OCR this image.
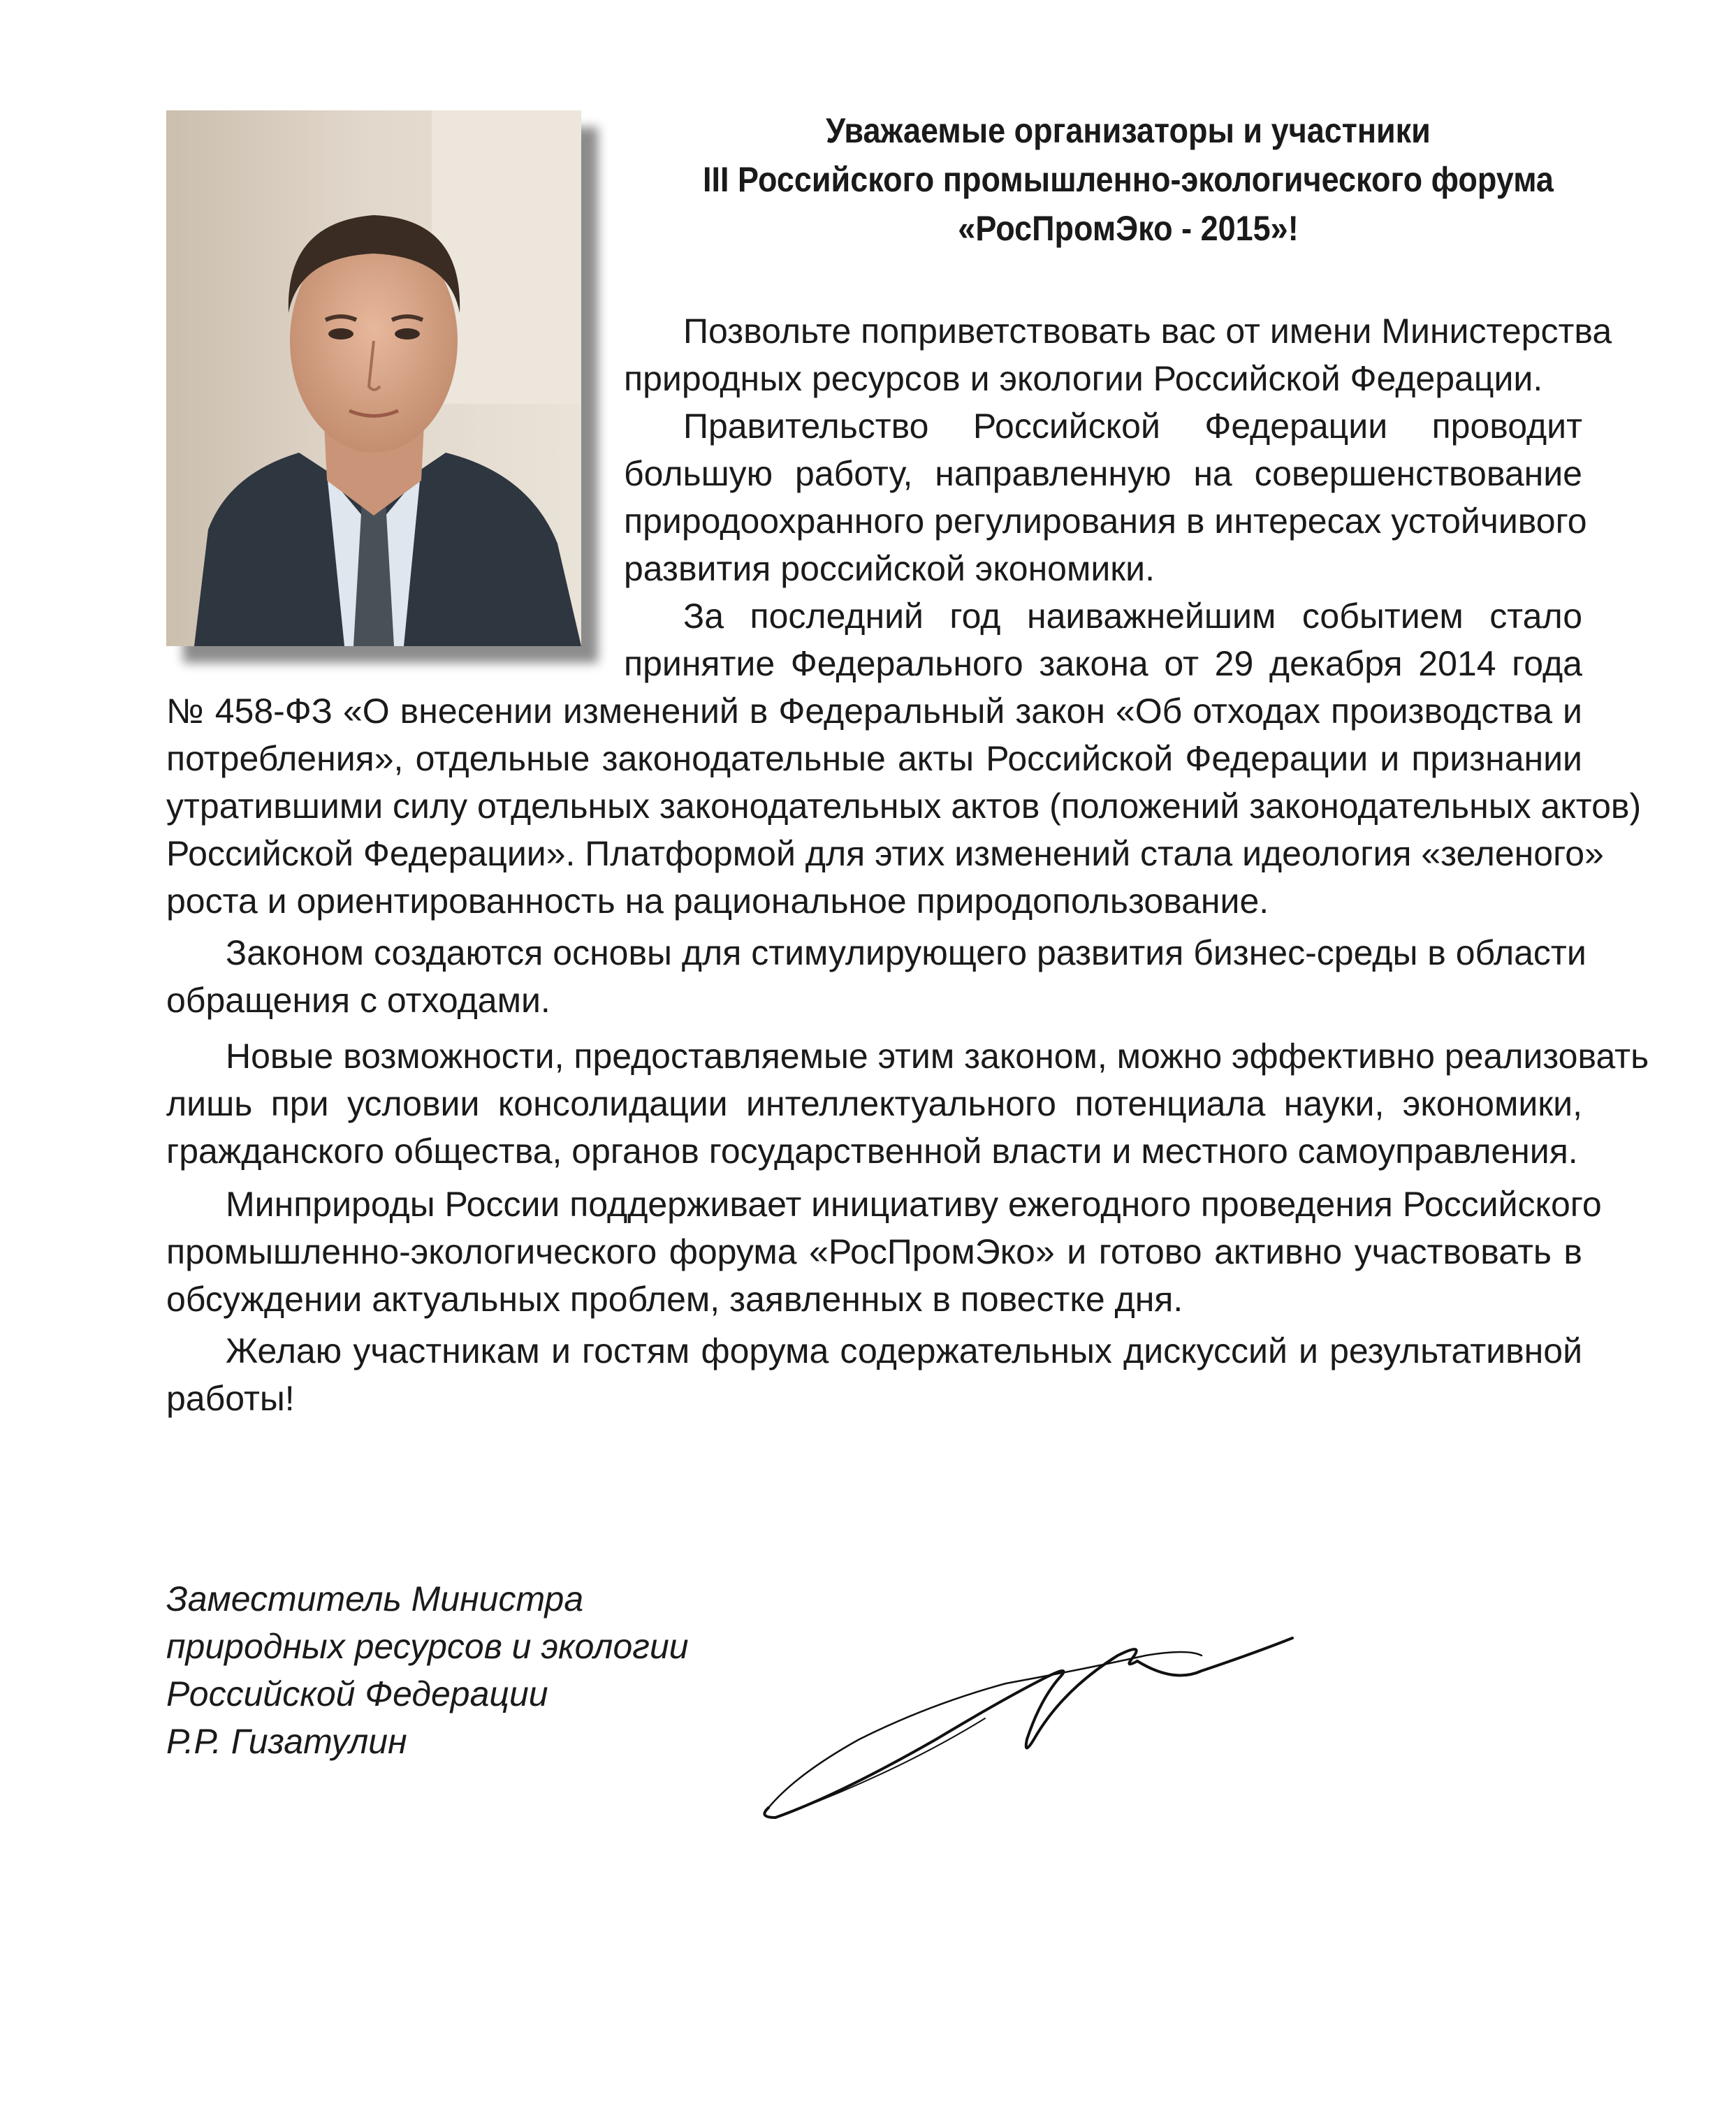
Уважаемые организаторы и участники
III Российского промышленно-экологического форума
«РосПромЭко - 2015»!
Позвольте поприветствовать вас от имени Министерства
природных ресурсов и экологии Российской Федерации.
Правительство Российской Федерации проводит
большую работу, направленную на совершенствование
природоохранного регулирования в интересах устойчивого
развития российской экономики.
За последний год наиважнейшим событием стало
принятие Федерального закона от 29 декабря 2014 года
№ 458-ФЗ «О внесении изменений в Федеральный закон «Об отходах производства и
потребления», отдельные законодательные акты Российской Федерации и признании
утратившими силу отдельных законодательных актов (положений законодательных актов)
Российской Федерации». Платформой для этих изменений стала идеология «зеленого»
роста и ориентированность на рациональное природопользование.
Законом создаются основы для стимулирующего развития бизнес-среды в области
обращения с отходами.
Новые возможности, предоставляемые этим законом, можно эффективно реализовать
лишь при условии консолидации интеллектуального потенциала науки, экономики,
гражданского общества, органов государственной власти и местного самоуправления.
Минприроды России поддерживает инициативу ежегодного проведения Российского
промышленно-экологического форума «РосПромЭко» и готово активно участвовать в
обсуждении актуальных проблем, заявленных в повестке дня.
Желаю участникам и гостям форума содержательных дискуссий и результативной
работы!
Заместитель Министра
природных ресурсов и экологии
Российской Федерации
Р.Р. Гизатулин
